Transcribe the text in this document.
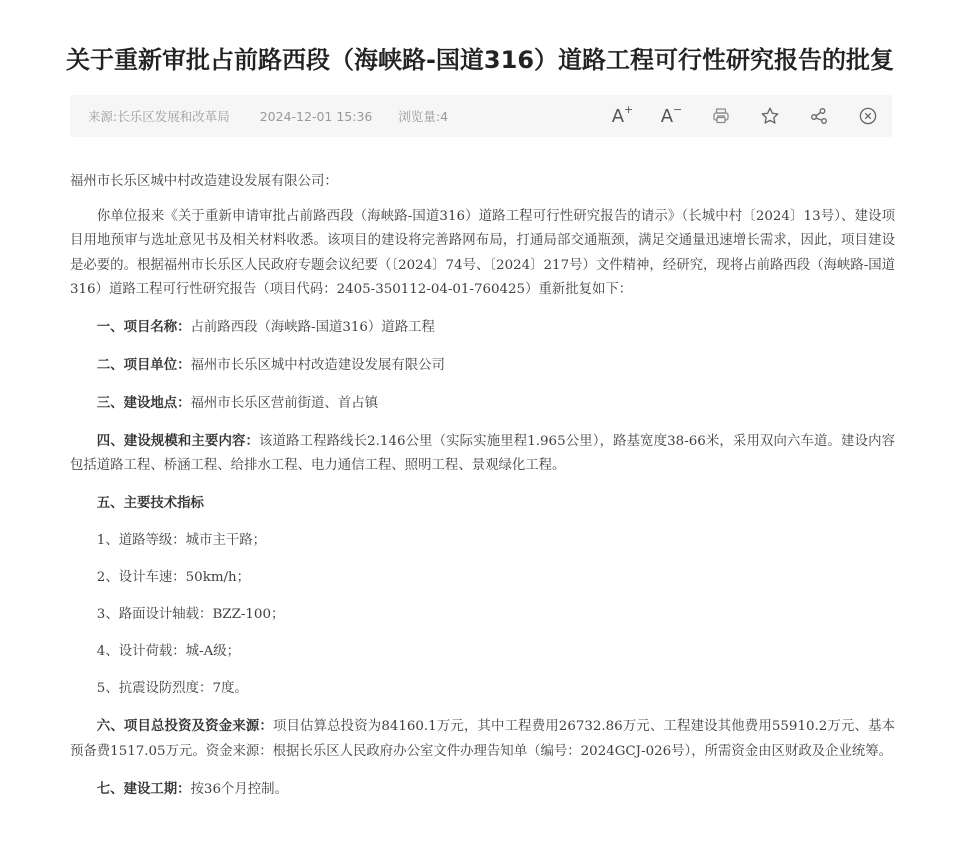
关于重新审批占前路西段（海峡路-国道316）道路工程可行性研究报告的批复
来源:长乐区发展和改革局 2024-12-01 15:36 浏览量:4	A+ A−

福州市长乐区城中村改造建设发展有限公司：

你单位报来《关于重新申请审批占前路西段（海峡路-国道316）道路工程可行性研究报告的请示》（长城中村〔2024〕13号）、建设项目用地预审与选址意见书及相关材料收悉。该项目的建设将完善路网布局，打通局部交通瓶颈，满足交通量迅速增长需求，因此，项目建设是必要的。根据福州市长乐区人民政府专题会议纪要（〔2024〕74号、〔2024〕217号）文件精神，经研究，现将占前路西段（海峡路-国道316）道路工程可行性研究报告（项目代码：2405-350112-04-01-760425）重新批复如下：

一、项目名称：占前路西段（海峡路-国道316）道路工程

二、项目单位：福州市长乐区城中村改造建设发展有限公司

三、建设地点：福州市长乐区营前街道、首占镇

四、建设规模和主要内容：该道路工程路线长2.146公里（实际实施里程1.965公里），路基宽度38-66米，采用双向六车道。建设内容包括道路工程、桥涵工程、给排水工程、电力通信工程、照明工程、景观绿化工程。

五、主要技术指标

1、道路等级：城市主干路；

2、设计车速：50km/h；

3、路面设计轴载：BZZ-100；

4、设计荷载：城-A级；

5、抗震设防烈度：7度。

六、项目总投资及资金来源：项目估算总投资为84160.1万元，其中工程费用26732.86万元、工程建设其他费用55910.2万元、基本预备费1517.05万元。资金来源：根据长乐区人民政府办公室文件办理告知单（编号：2024GCJ-026号），所需资金由区财政及企业统筹。

七、建设工期：按36个月控制。
